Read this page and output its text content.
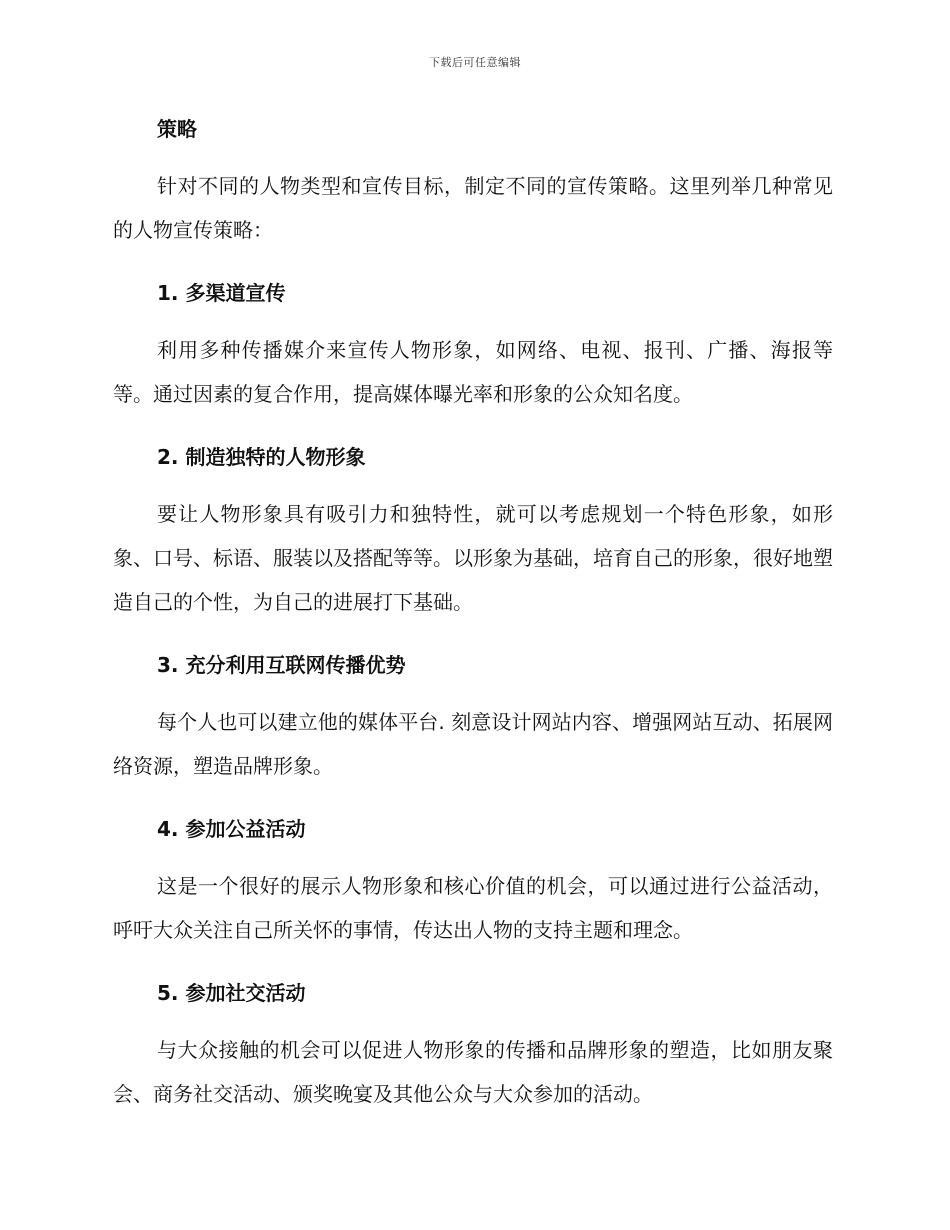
下载后可任意编辑
策略

针对不同的人物类型和宣传目标，制定不同的宣传策略。这里列举几种常见的人物宣传策略：

1. 多渠道宣传

利用多种传播媒介来宣传人物形象，如网络、电视、报刊、广播、海报等等。通过因素的复合作用，提高媒体曝光率和形象的公众知名度。

2. 制造独特的人物形象

要让人物形象具有吸引力和独特性，就可以考虑规划一个特色形象，如形象、口号、标语、服装以及搭配等等。以形象为基础，培育自己的形象，很好地塑造自己的个性，为自己的进展打下基础。

3. 充分利用互联网传播优势

每个人也可以建立他的媒体平台. 刻意设计网站内容、增强网站互动、拓展网络资源，塑造品牌形象。

4. 参加公益活动

这是一个很好的展示人物形象和核心价值的机会，可以通过进行公益活动，呼吁大众关注自己所关怀的事情，传达出人物的支持主题和理念。

5. 参加社交活动

与大众接触的机会可以促进人物形象的传播和品牌形象的塑造，比如朋友聚会、商务社交活动、颁奖晚宴及其他公众与大众参加的活动。
